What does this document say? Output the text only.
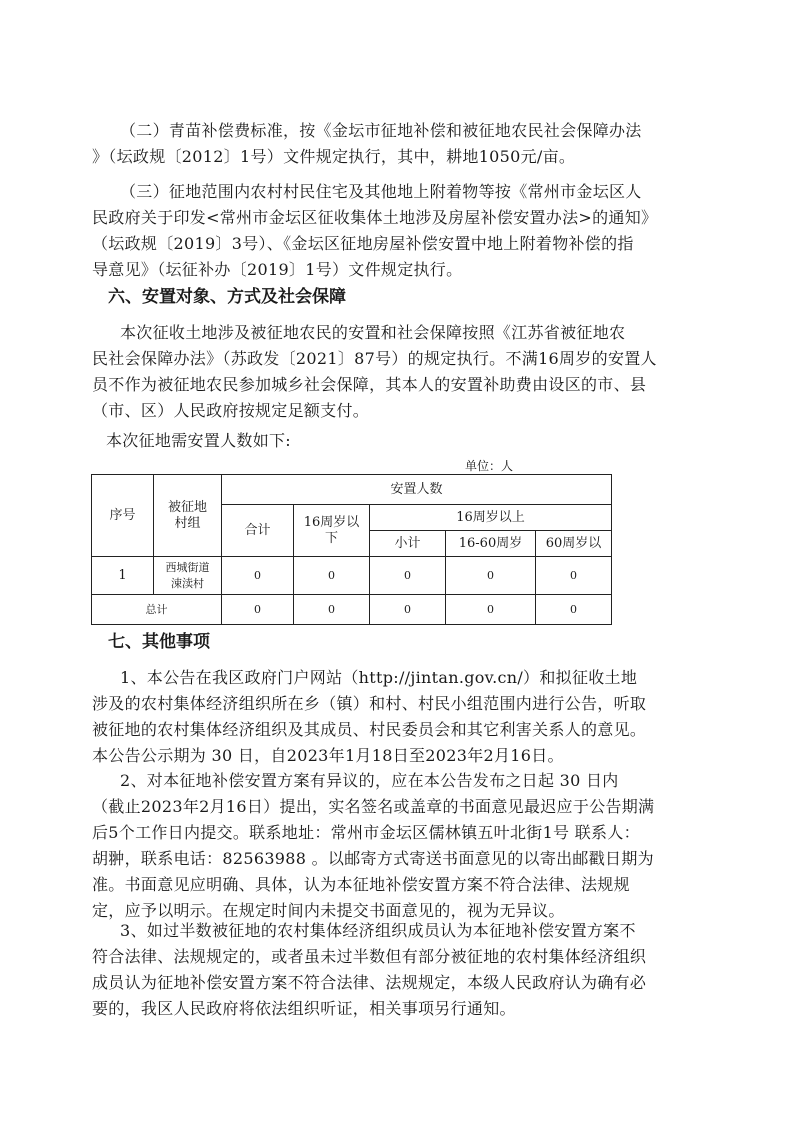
（二）青苗补偿费标准，按《金坛市征地补偿和被征地农民社会保障办法
》（坛政规〔2012〕1号）文件规定执行，其中，耕地1050元/亩。
（三）征地范围内农村村民住宅及其他地上附着物等按《常州市金坛区人
民政府关于印发<常州市金坛区征收集体土地涉及房屋补偿安置办法>的通知》
（坛政规〔2019〕3号）、《金坛区征地房屋补偿安置中地上附着物补偿的指
导意见》（坛征补办〔2019〕1号）文件规定执行。
六、安置对象、方式及社会保障
本次征收土地涉及被征地农民的安置和社会保障按照《江苏省被征地农
民社会保障办法》（苏政发〔2021〕87号）的规定执行。不满16周岁的安置人
员不作为被征地农民参加城乡社会保障，其本人的安置补助费由设区的市、县
（市、区）人民政府按规定足额支付。
本次征地需安置人数如下:
单位：人
序号	被征地村组	安置人数				
		合计	16周岁以下	16周岁以上		
				小计	16-60周岁	60周岁以
1	西城街道涑渎村	0	0	0	0	0
总计		0	0	0	0	0
七、其他事项
1、本公告在我区政府门户网站（http://jintan.gov.cn/）和拟征收土地
涉及的农村集体经济组织所在乡（镇）和村、村民小组范围内进行公告，听取
被征地的农村集体经济组织及其成员、村民委员会和其它利害关系人的意见。
本公告公示期为 30 日，自2023年1月18日至2023年2月16日。
2、对本征地补偿安置方案有异议的，应在本公告发布之日起 30 日内
（截止2023年2月16日）提出，实名签名或盖章的书面意见最迟应于公告期满
后5个工作日内提交。联系地址：常州市金坛区儒林镇五叶北街1号 联系人：
胡翀，联系电话：82563988 。以邮寄方式寄送书面意见的以寄出邮戳日期为
准。书面意见应明确、具体，认为本征地补偿安置方案不符合法律、法规规
定，应予以明示。在规定时间内未提交书面意见的，视为无异议。
3、如过半数被征地的农村集体经济组织成员认为本征地补偿安置方案不
符合法律、法规规定的，或者虽未过半数但有部分被征地的农村集体经济组织
成员认为征地补偿安置方案不符合法律、法规规定，本级人民政府认为确有必
要的，我区人民政府将依法组织听证，相关事项另行通知。
